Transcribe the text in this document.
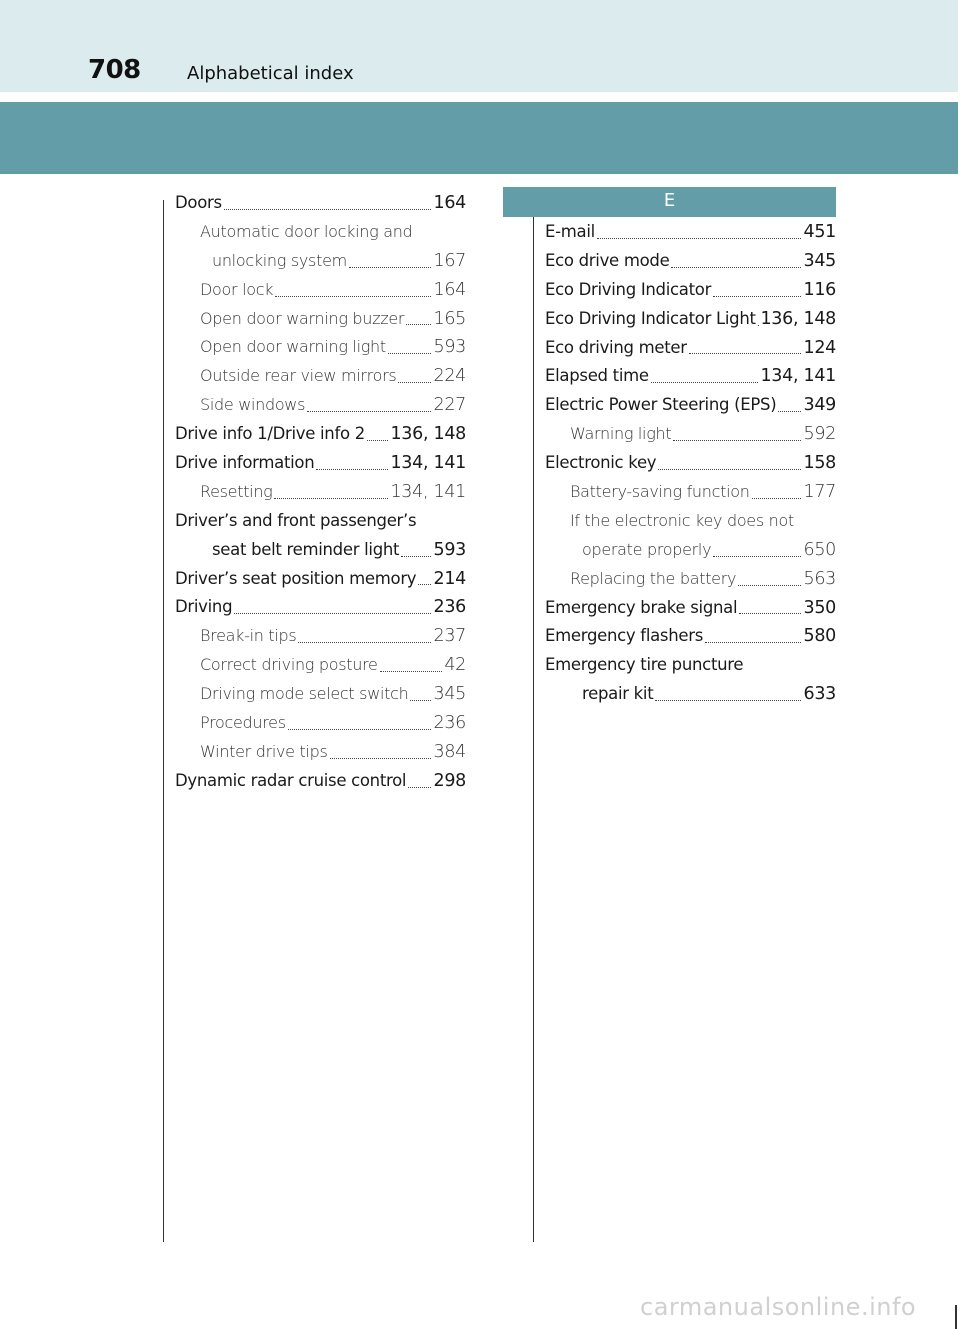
708	Alphabetical index
E
Doors	164
Automatic door locking and
unlocking system	167
Door lock	164
Open door warning buzzer 165
Open door warning light	593
Outside rear view mirrors 224
Side windows	227
Drive info 1/Drive info 2 136, 148
Drive information	134, 141
Resetting	134, 141
Driver’s and front passenger’s
seat belt reminder light 593
Driver’s seat position memory 214
Driving	236
Break-in tips	237
Correct driving posture	42
Driving mode select switch 345
Procedures	236
Winter drive tips	384
Dynamic radar cruise control 298
E-mail	451
Eco drive mode	345
Eco Driving Indicator	116
Eco Driving Indicator Light 136, 148
Eco driving meter	124
Elapsed time	134, 141
Electric Power Steering (EPS) 349
Warning light	592
Electronic key	158
Battery-saving function	177
If the electronic key does not
operate properly	650
Replacing the battery	563
Emergency brake signal	350
Emergency flashers	580
Emergency tire puncture
repair kit	633
carmanualsonline.info
